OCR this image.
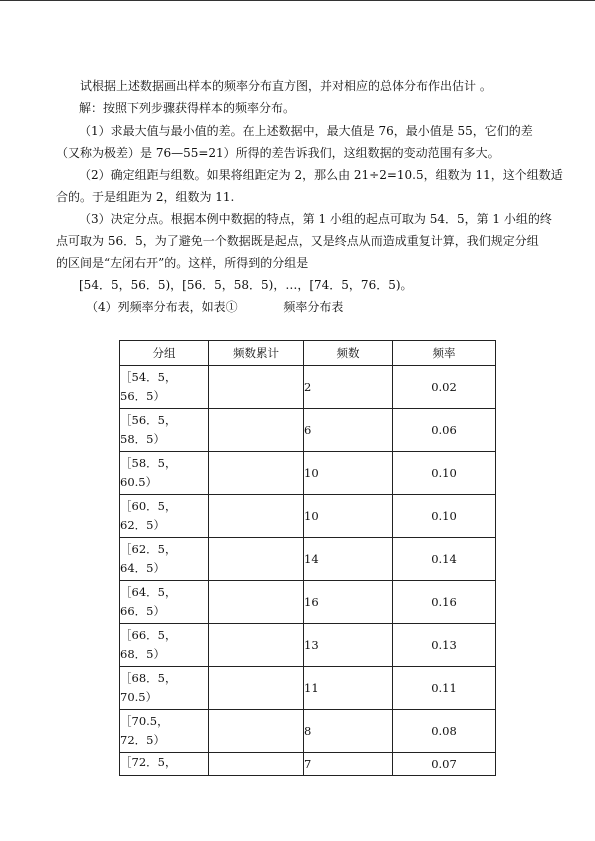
试根据上述数据画出样本的频率分布直方图，并对相应的总体分布作出估计 。
解：按照下列步骤获得样本的频率分布。
（1）求最大值与最小值的差。在上述数据中，最大值是 76，最小值是 55，它们的差
（又称为极差）是 76—55=21）所得的差告诉我们，这组数据的变动范围有多大。
（2）确定组距与组数。如果将组距定为 2，那么由 21÷2=10.5，组数为 11，这个组数适
合的。于是组距为 2，组数为 11.
（3）决定分点。根据本例中数据的特点，第 1 小组的起点可取为 54．5，第 1 小组的终
点可取为 56．5，为了避免一个数据既是起点，又是终点从而造成重复计算，我们规定分组
的区间是“左闭右开”的。这样，所得到的分组是
[54．5，56．5)，[56．5，58．5)，…，[74．5，76．5)。
（4）列频率分布表，如表①            频率分布表
分组	频数累计	频数	频率

［54．5，
56．5）		2	0.02

［56．5，
58．5）		6	0.06

［58．5，
60.5）		10	0.10

［60．5，
62．5）		10	0.10

［62．5，
64．5）		14	0.14

［64．5，
66．5）		16	0.16

［66．5，
68．5）		13	0.13

［68．5，
70.5）		11	0.11

［70.5，
72．5）		8	0.08

［72．5，		7	0.07
